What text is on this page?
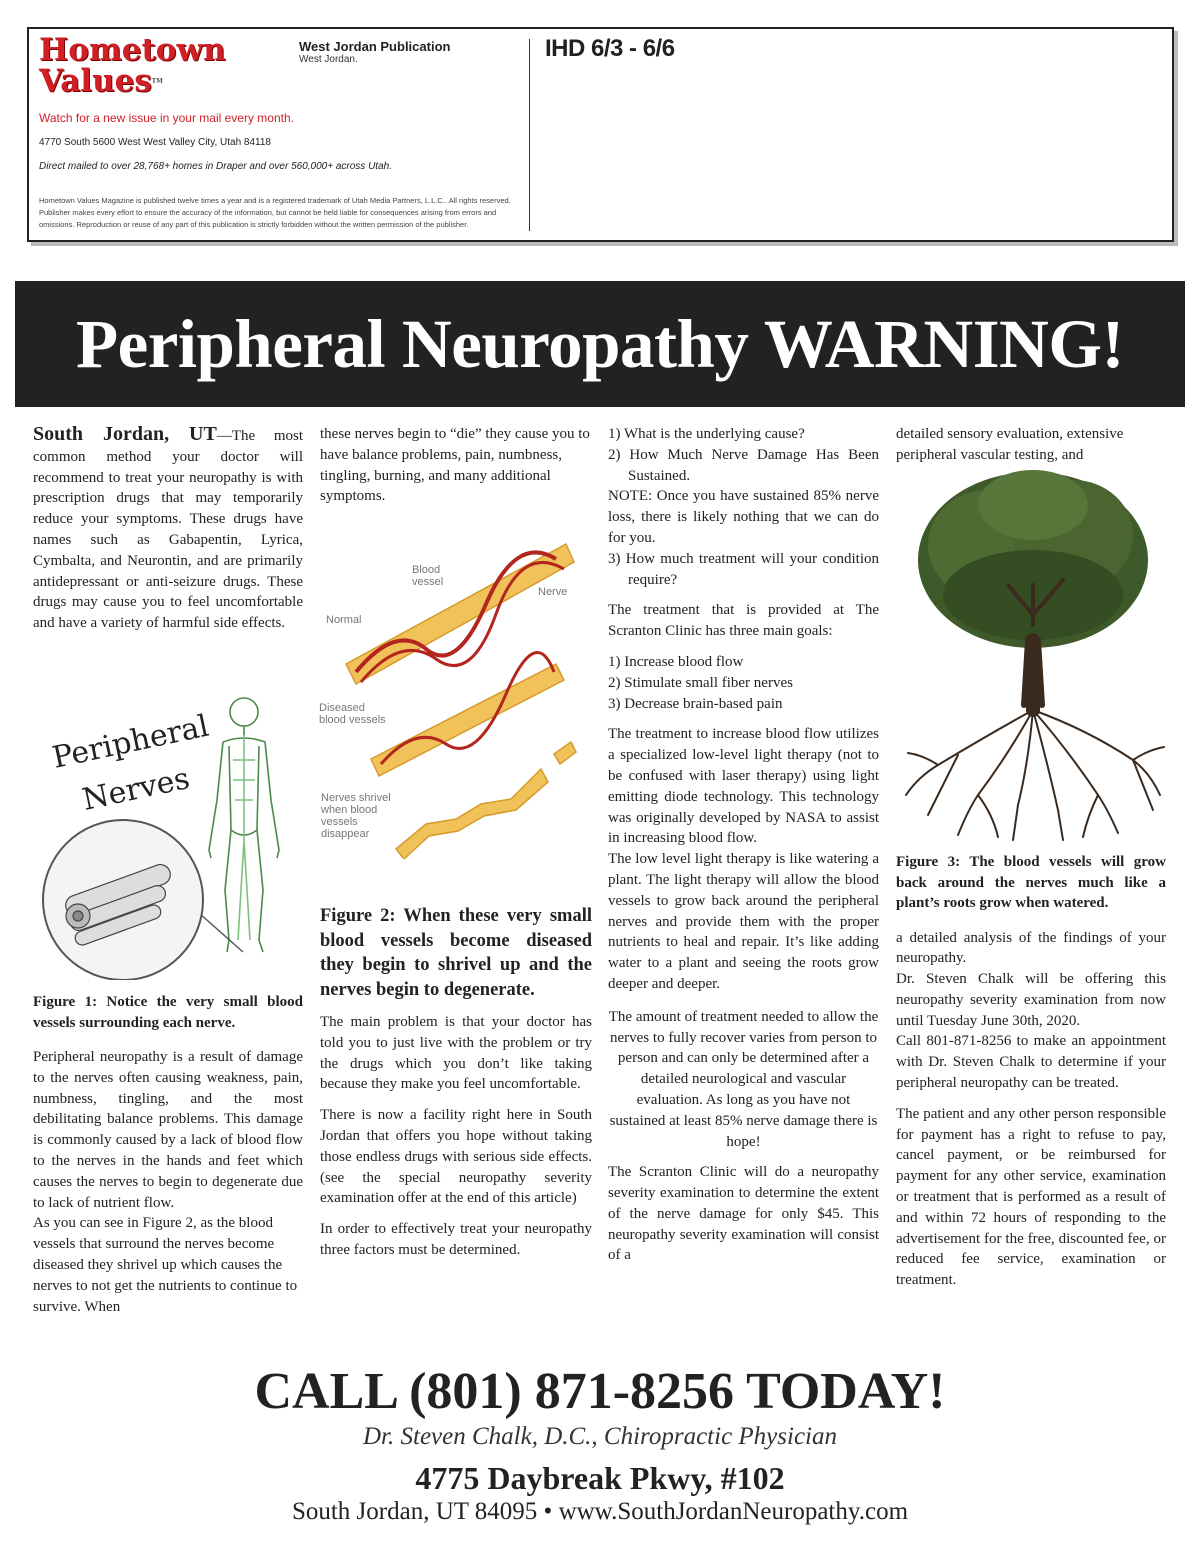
Hometown
Values™
West Jordan Publication
West Jordan.
Watch for a new issue in your mail every month.
4770 South 5600 West West Valley City, Utah 84118
Direct mailed to over 28,768+ homes in Draper and over 560,000+ across Utah.
Hometown Values Magazine is published twelve times a year and is a registered trademark of Utah Media Partners, L.L.C.. All rights reserved. Publisher makes every effort to ensure the accuracy of the information, but cannot be held liable for consequences arising from errors and omissions. Reproduction or reuse of any part of this publication is strictly forbidden without the written permission of the publisher.
IHD 6/3 - 6/6
Peripheral Neuropathy WARNING!

South Jordan, UT—The most common method your doctor will recommend to treat your neuropathy is with prescription drugs that may temporarily reduce your symptoms. These drugs have names such as Gabapentin, Lyrica, Cymbalta, and Neurontin, and are primarily antidepressant or anti-seizure drugs. These drugs may cause you to feel uncomfortable and have a variety of harmful side effects.

Peripheral
Nerves

Figure 1: Notice the very small blood vessels surrounding each nerve.

Peripheral neuropathy is a result of damage to the nerves often causing weakness, pain, numbness, tingling, and the most debilitating balance problems. This damage is commonly caused by a lack of blood flow to the nerves in the hands and feet which causes the nerves to begin to degenerate due to lack of nutrient flow.

As you can see in Figure 2, as the blood vessels that surround the nerves become diseased they shrivel up which causes the nerves to not get the nutrients to continue to survive. When

these nerves begin to “die” they cause you to have balance problems, pain, numbness, tingling, burning, and many additional symptoms.

Blood vessel
Nerve
Normal
Diseased blood vessels
Nerves shrivel when blood vessels disappear

Figure 2: When these very small blood vessels become diseased they begin to shrivel up and the nerves begin to degenerate.

The main problem is that your doctor has told you to just live with the problem or try the drugs which you don’t like taking because they make you feel uncomfortable.

There is now a facility right here in South Jordan that offers you hope without taking those endless drugs with serious side effects. (see the special neuropathy severity examination offer at the end of this article)

In order to effectively treat your neuropathy three factors must be determined.

1) What is the underlying cause?
2) How Much Nerve Damage Has Been Sustained.

NOTE: Once you have sustained 85% nerve loss, there is likely nothing that we can do for you.

3) How much treatment will your condition require?

The treatment that is provided at The Scranton Clinic has three main goals:

1) Increase blood flow
2) Stimulate small fiber nerves
3) Decrease brain-based pain

The treatment to increase blood flow utilizes a specialized low-level light therapy (not to be confused with laser therapy) using light emitting diode technology. This technology was originally developed by NASA to assist in increasing blood flow.

The low level light therapy is like watering a plant. The light therapy will allow the blood vessels to grow back around the peripheral nerves and provide them with the proper nutrients to heal and repair. It’s like adding water to a plant and seeing the roots grow deeper and deeper.

The amount of treatment needed to allow the nerves to fully recover varies from person to person and can only be determined after a detailed neurological and vascular evaluation. As long as you have not sustained at least 85% nerve damage there is hope!

The Scranton Clinic will do a neuropathy severity examination to determine the extent of the nerve damage for only $45. This neuropathy severity examination will consist of a

detailed sensory evaluation, extensive peripheral vascular testing, and

Figure 3: The blood vessels will grow back around the nerves much like a plant’s roots grow when watered.

a detailed analysis of the findings of your neuropathy.

Dr. Steven Chalk will be offering this neuropathy severity examination from now until Tuesday June 30th, 2020.

Call 801-871-8256 to make an appointment with Dr. Steven Chalk to determine if your peripheral neuropathy can be treated.

The patient and any other person responsible for payment has a right to refuse to pay, cancel payment, or be reimbursed for payment for any other service, examination or treatment that is performed as a result of and within 72 hours of responding to the advertisement for the free, discounted fee, or reduced fee service, examination or treatment.

CALL (801) 871-8256 TODAY!
Dr. Steven Chalk, D.C., Chiropractic Physician
4775 Daybreak Pkwy, #102
South Jordan, UT 84095 • www.SouthJordanNeuropathy.com
